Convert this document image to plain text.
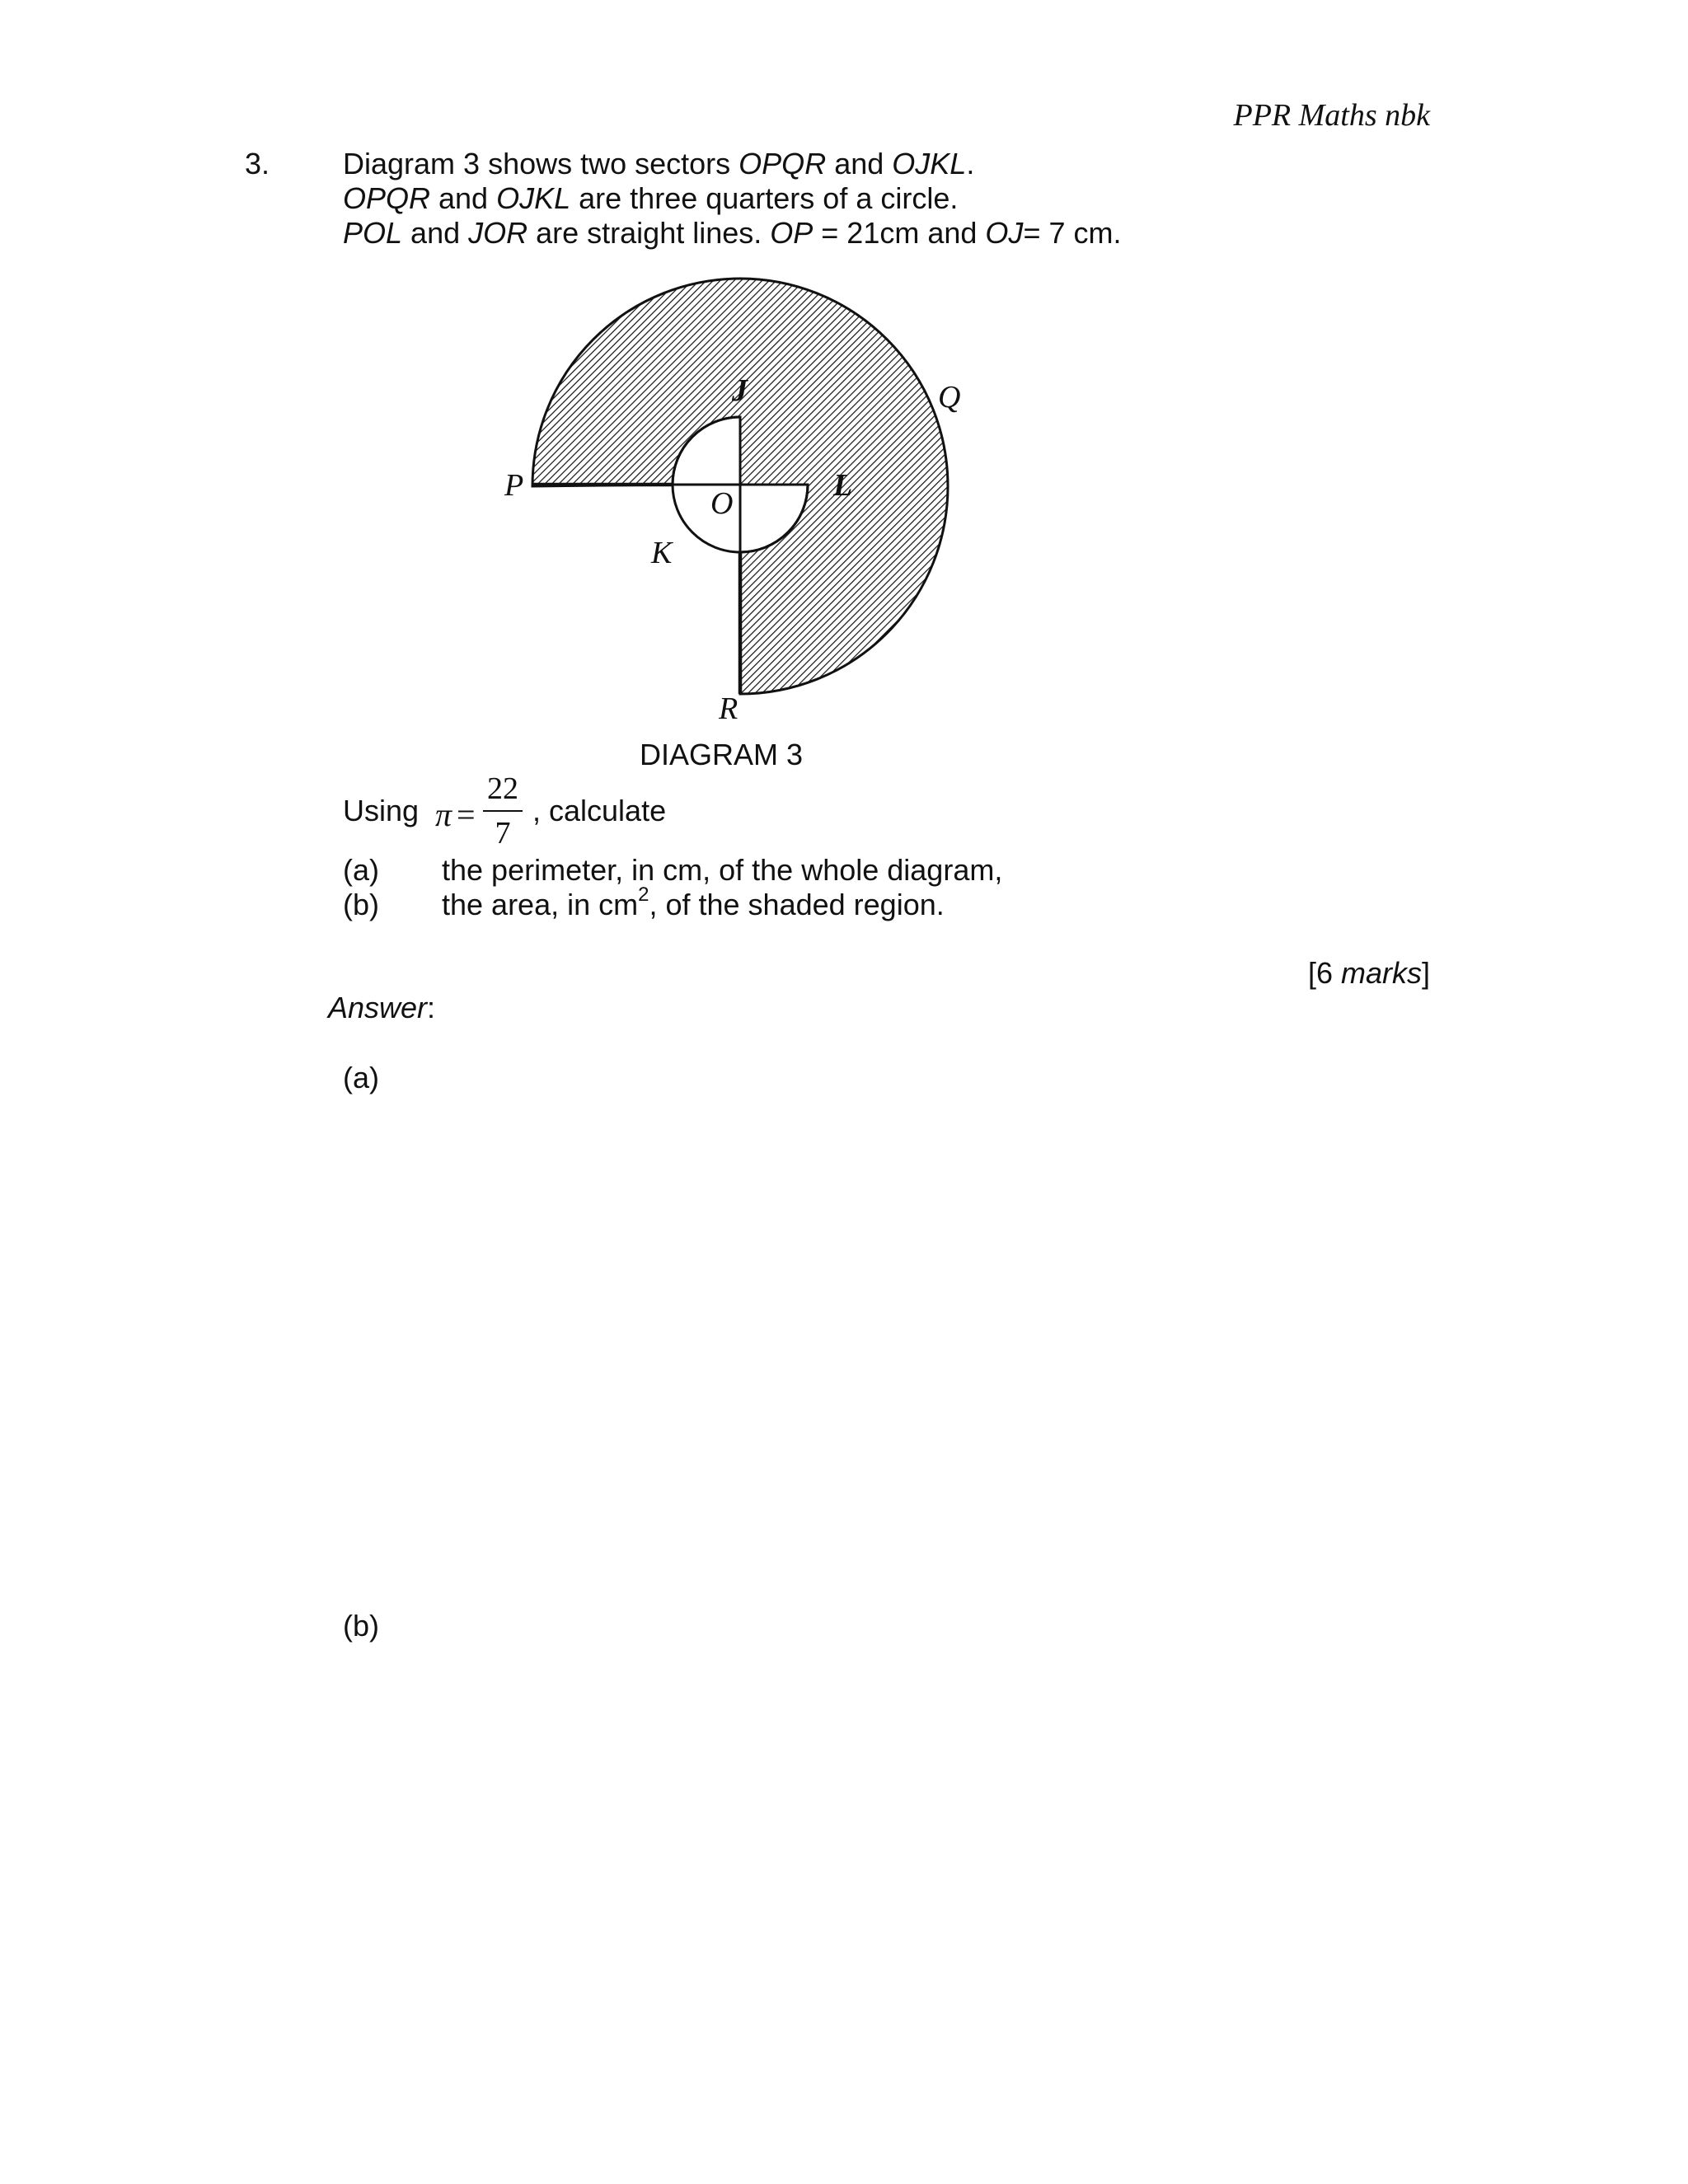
PPR Maths nbk
3. Diagram 3 shows two sectors OPQR and OJKL.
OPQR and OJKL are three quarters of a circle.
POL and JOR are straight lines. OP = 21cm and OJ= 7 cm.
J	Q
P
O
L
K
R
DIAGRAM 3
Using π =
22
7
, calculate
(a) the perimeter, in cm, of the whole diagram,
(b) the area, in $cm^2$, of the shaded region.
[6 marks]
Answer:
(a)
(b)
